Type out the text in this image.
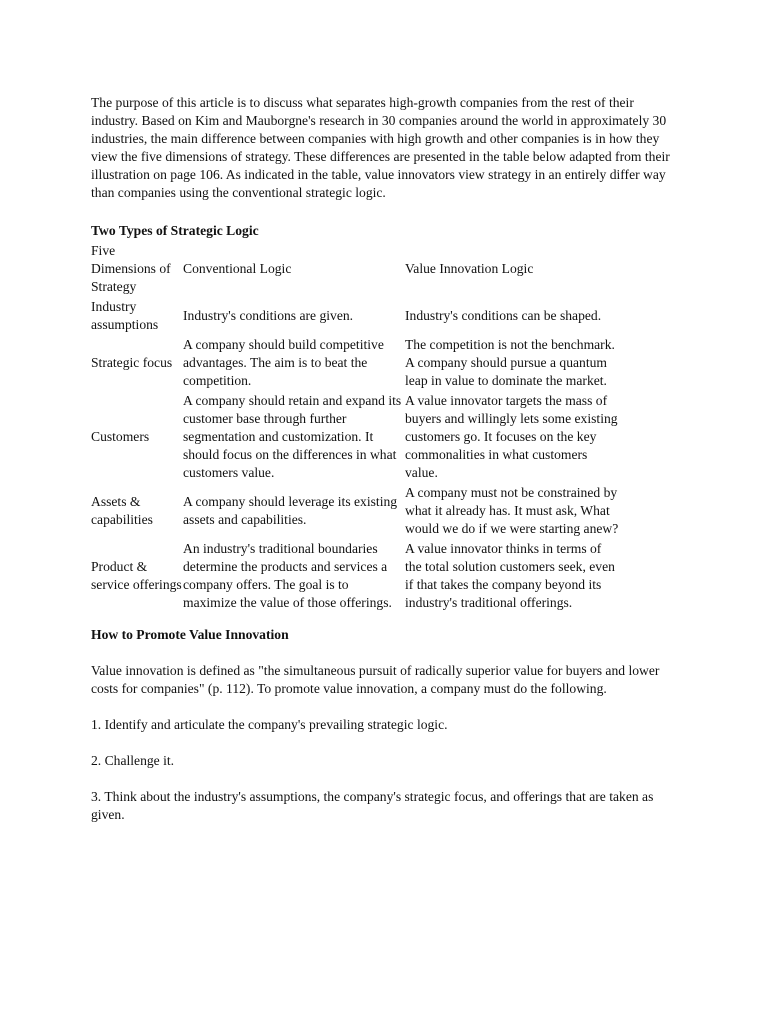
The purpose of this article is to discuss what separates high-growth companies from the rest of their industry. Based on Kim and Mauborgne's research in 30 companies around the world in approximately 30 industries, the main difference between companies with high growth and other companies is in how they view the five dimensions of strategy. These differences are presented in the table below adapted from their illustration on page 106. As indicated in the table, value innovators view strategy in an entirely differ way than companies using the conventional strategic logic.

Two Types of Strategic Logic
Five Dimensions of Strategy	Conventional Logic	Value Innovation Logic
Industry assumptions	Industry's conditions are given.	Industry's conditions can be shaped.
Strategic focus	A company should build competitive advantages. The aim is to beat the competition.	The competition is not the benchmark. A company should pursue a quantum leap in value to dominate the market.
Customers	A company should retain and expand its customer base through further segmentation and customization. It should focus on the differences in what customers value.	A value innovator targets the mass of buyers and willingly lets some existing customers go. It focuses on the key commonalities in what customers value.
Assets & capabilities	A company should leverage its existing assets and capabilities.	A company must not be constrained by what it already has. It must ask, What would we do if we were starting anew?
Product & service offerings	An industry's traditional boundaries determine the products and services a company offers. The goal is to maximize the value of those offerings.	A value innovator thinks in terms of the total solution customers seek, even if that takes the company beyond its industry's traditional offerings.
How to Promote Value Innovation

Value innovation is defined as "the simultaneous pursuit of radically superior value for buyers and lower costs for companies" (p. 112). To promote value innovation, a company must do the following.

1. Identify and articulate the company's prevailing strategic logic.

2. Challenge it.

3. Think about the industry's assumptions, the company's strategic focus, and offerings that are taken as given.
